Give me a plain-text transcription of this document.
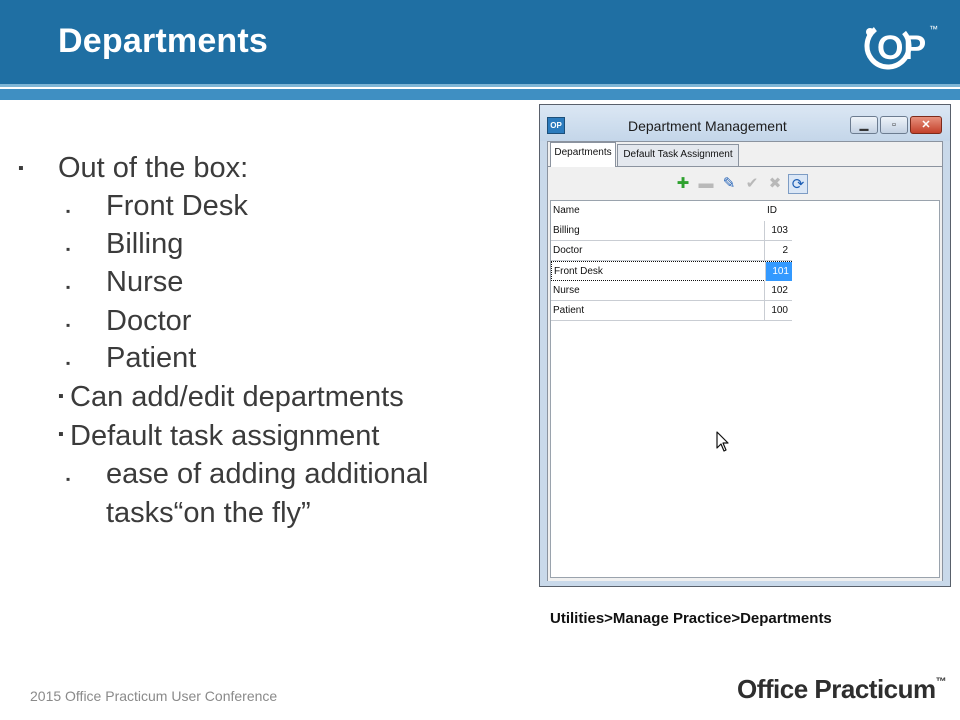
Departments	OP ™
▪ Out of the box:
▪ Front Desk
▪ Billing
▪ Nurse
▪ Doctor
▪ Patient
▪ Can add/edit departments
▪ Default task assignment
▪ ease of adding additional
tasks“on the fly”
OP	Department Management	▁	▫	✕
Departments	Default Task Assignment
✚ ▬ ✎ ✔ ✖ ⟳
Name	ID
Billing	103
Doctor	2
Front Desk	101
Nurse	102
Patient	100
Utilities>Manage Practice>Departments
2015 Office Practicum User Conference	Office Practicum™
